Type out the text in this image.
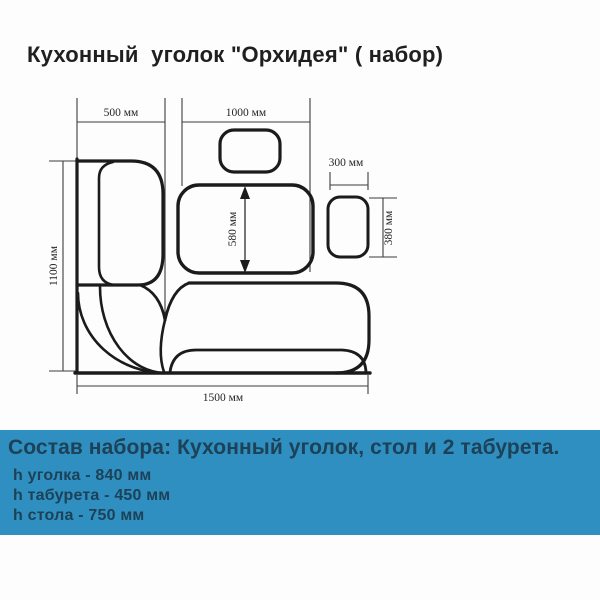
Кухонный  уголок "Орхидея" ( набор)
500 мм	1000 мм
300 мм
580 мм	380 мм
1100 мм
1500 мм
Состав набора: Кухонный уголок, стол и 2 табурета.
h уголка - 840 мм
h табурета - 450 мм
h стола - 750 мм
